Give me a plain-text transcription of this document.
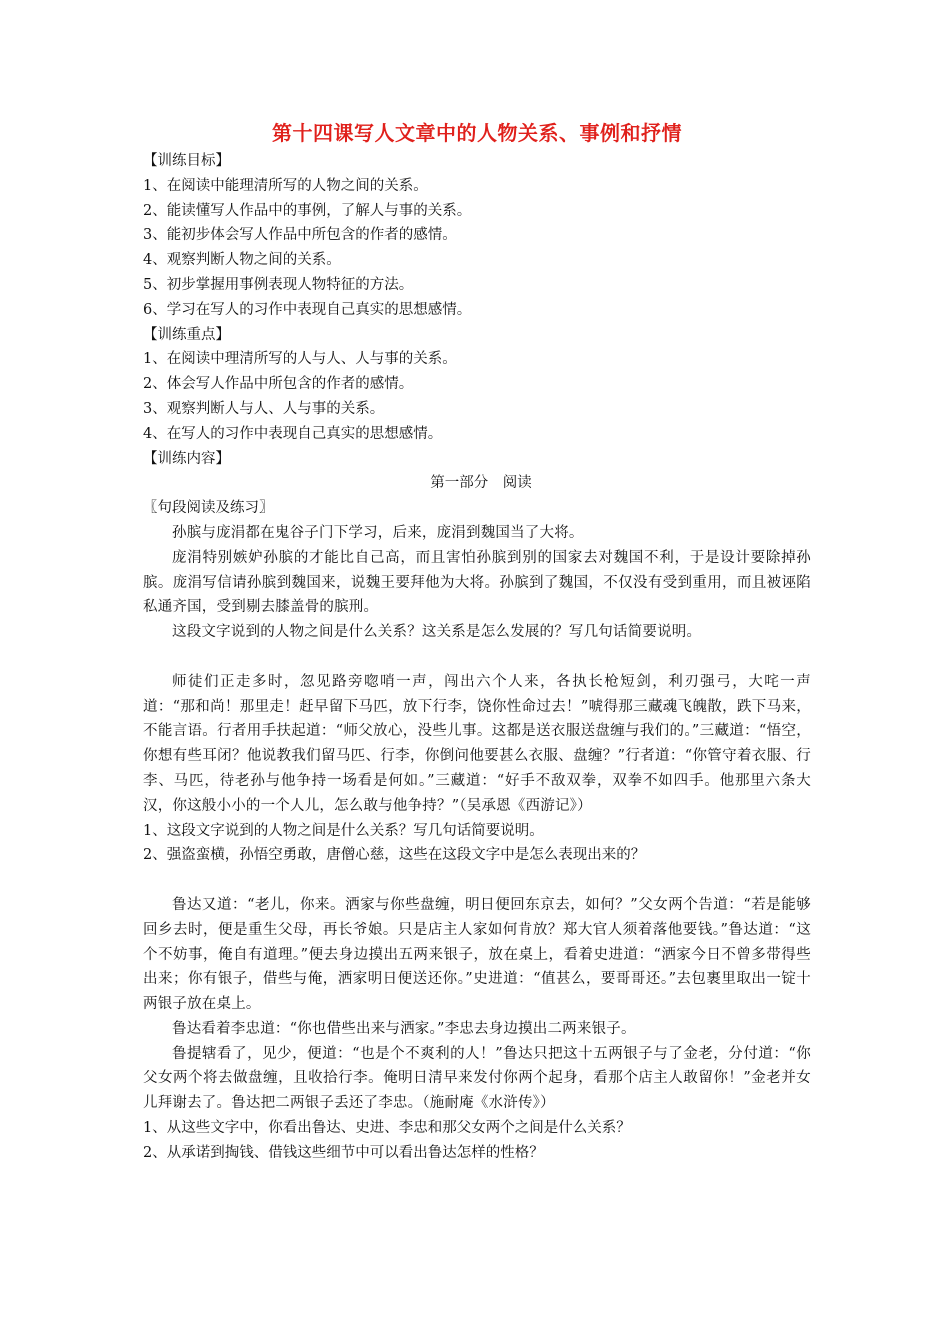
第十四课写人文章中的人物关系、事例和抒情

【训练目标】

1、在阅读中能理清所写的人物之间的关系。

2、能读懂写人作品中的事例，了解人与事的关系。

3、能初步体会写人作品中所包含的作者的感情。

4、观察判断人物之间的关系。

5、初步掌握用事例表现人物特征的方法。

6、学习在写人的习作中表现自己真实的思想感情。

【训练重点】

1、在阅读中理清所写的人与人、人与事的关系。

2、体会写人作品中所包含的作者的感情。

3、观察判断人与人、人与事的关系。

4、在写人的习作中表现自己真实的思想感情。

【训练内容】

第一部分　阅读

〖句段阅读及练习〗

孙膑与庞涓都在鬼谷子门下学习，后来，庞涓到魏国当了大将。

庞涓特别嫉妒孙膑的才能比自己高，而且害怕孙膑到别的国家去对魏国不利，于是设计要除掉孙膑。庞涓写信请孙膑到魏国来，说魏王要拜他为大将。孙膑到了魏国，不仅没有受到重用，而且被诬陷私通齐国，受到剔去膝盖骨的膑刑。

这段文字说到的人物之间是什么关系？这关系是怎么发展的？写几句话简要说明。

师徒们正走多时，忽见路旁唿哨一声，闯出六个人来，各执长枪短剑，利刃强弓，大咤一声道：“那和尚！那里走！赶早留下马匹，放下行李，饶你性命过去！”唬得那三藏魂飞魄散，跌下马来，不能言语。行者用手扶起道：“师父放心，没些儿事。这都是送衣服送盘缠与我们的。”三藏道：“悟空，你想有些耳闭？他说教我们留马匹、行李，你倒问他要甚么衣服、盘缠？”行者道：“你管守着衣服、行李、马匹，待老孙与他争持一场看是何如。”三藏道：“好手不敌双拳，双拳不如四手。他那里六条大汉，你这般小小的一个人儿，怎么敢与他争持？”（吴承恩《西游记》）

1、这段文字说到的人物之间是什么关系？写几句话简要说明。

2、强盗蛮横，孙悟空勇敢，唐僧心慈，这些在这段文字中是怎么表现出来的？

鲁达又道：“老儿，你来。洒家与你些盘缠，明日便回东京去，如何？”父女两个告道：“若是能够回乡去时，便是重生父母，再长爷娘。只是店主人家如何肯放？郑大官人须着落他要钱。”鲁达道：“这个不妨事，俺自有道理。”便去身边摸出五两来银子，放在桌上，看着史进道：“洒家今日不曾多带得些出来；你有银子，借些与俺，洒家明日便送还你。”史进道：“值甚么，要哥哥还。”去包裹里取出一锭十两银子放在桌上。

鲁达看着李忠道：“你也借些出来与洒家。”李忠去身边摸出二两来银子。

鲁提辖看了，见少，便道：“也是个不爽利的人！”鲁达只把这十五两银子与了金老，分付道：“你父女两个将去做盘缠，且收拾行李。俺明日清早来发付你两个起身，看那个店主人敢留你！”金老并女儿拜谢去了。鲁达把二两银子丢还了李忠。（施耐庵《水浒传》）

1、从这些文字中，你看出鲁达、史进、李忠和那父女两个之间是什么关系？

2、从承诺到掏钱、借钱这些细节中可以看出鲁达怎样的性格？
